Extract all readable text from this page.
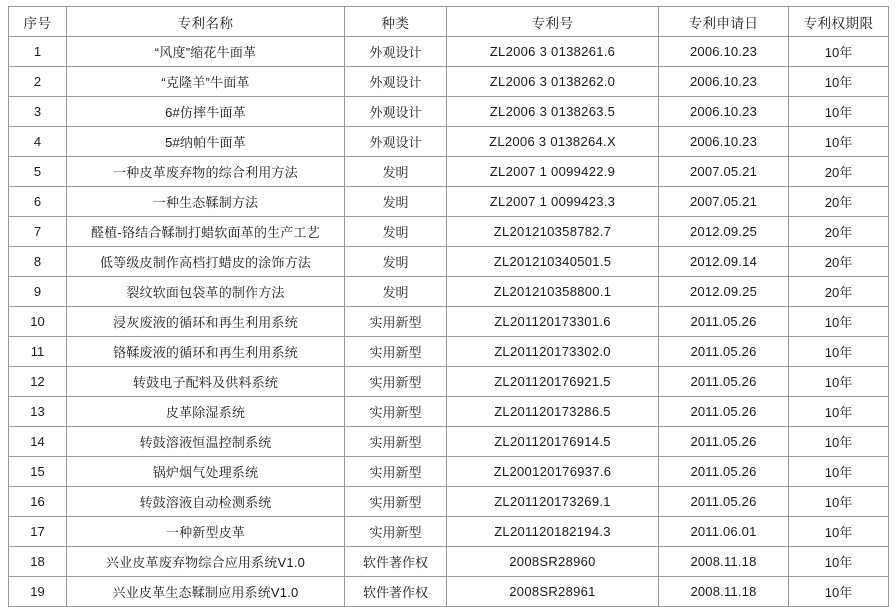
序号	专利名称	种类	专利号	专利申请日	专利权期限
1	“风度”缩花牛面革	外观设计	ZL2006 3 0138261.6	2006.10.23	10年
2	“克隆羊”牛面革	外观设计	ZL2006 3 0138262.0	2006.10.23	10年
3	6#仿摔牛面革	外观设计	ZL2006 3 0138263.5	2006.10.23	10年
4	5#纳帕牛面革	外观设计	ZL2006 3 0138264.X	2006.10.23	10年
5	一种皮革废弃物的综合利用方法	发明	ZL2007 1 0099422.9	2007.05.21	20年
6	一种生态鞣制方法	发明	ZL2007 1 0099423.3	2007.05.21	20年
7	醛植-铬结合鞣制打蜡软面革的生产工艺	发明	ZL201210358782.7	2012.09.25	20年
8	低等级皮制作高档打蜡皮的涂饰方法	发明	ZL201210340501.5	2012.09.14	20年
9	裂纹软面包袋革的制作方法	发明	ZL201210358800.1	2012.09.25	20年
10	浸灰废液的循环和再生利用系统	实用新型	ZL201120173301.6	2011.05.26	10年
11	铬鞣废液的循环和再生利用系统	实用新型	ZL201120173302.0	2011.05.26	10年
12	转鼓电子配料及供料系统	实用新型	ZL201120176921.5	2011.05.26	10年
13	皮革除湿系统	实用新型	ZL201120173286.5	2011.05.26	10年
14	转鼓溶液恒温控制系统	实用新型	ZL201120176914.5	2011.05.26	10年
15	锅炉烟气处理系统	实用新型	ZL200120176937.6	2011.05.26	10年
16	转鼓溶液自动检测系统	实用新型	ZL201120173269.1	2011.05.26	10年
17	一种新型皮革	实用新型	ZL201120182194.3	2011.06.01	10年
18	兴业皮革废弃物综合应用系统V1.0	软件著作权	2008SR28960	2008.11.18	10年
19	兴业皮革生态鞣制应用系统V1.0	软件著作权	2008SR28961	2008.11.18	10年
